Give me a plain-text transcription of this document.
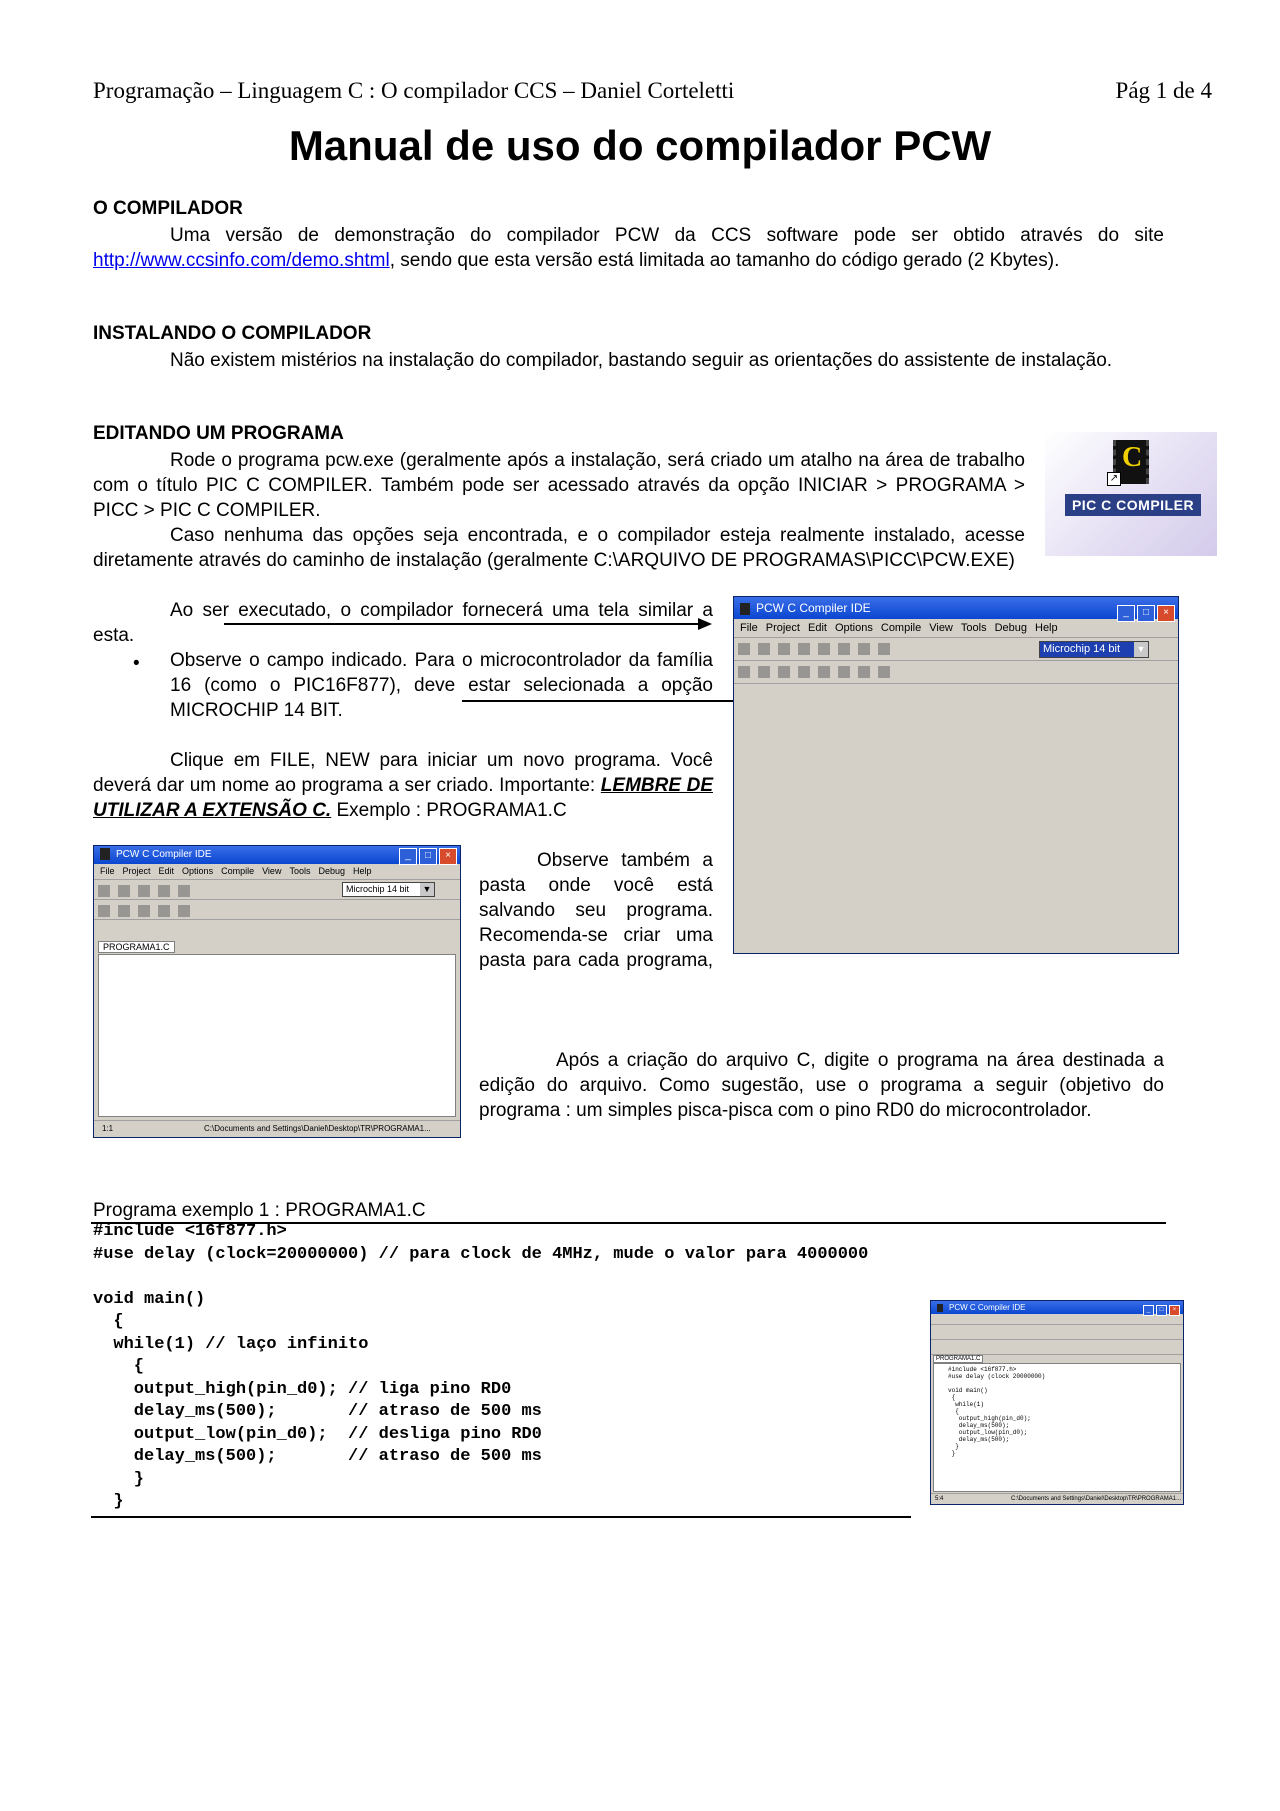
Programação – Linguagem C : O compilador CCS – Daniel Corteletti	Pág 1 de 4
Manual de uso do compilador PCW
O COMPILADOR

Uma versão de demonstração do compilador PCW da CCS software pode ser obtido através do site http://www.ccsinfo.com/demo.shtml, sendo que esta versão está limitada ao tamanho do código gerado (2 Kbytes).

INSTALANDO O COMPILADOR

Não existem mistérios na instalação do compilador, bastando seguir as orientações do assistente de instalação.

EDITANDO UM PROGRAMA

Rode o programa pcw.exe (geralmente após a instalação, será criado um atalho na área de trabalho com o título PIC C COMPILER. Também pode ser acessado através da opção INICIAR > PROGRAMA > PICC > PIC C COMPILER.

Caso nenhuma das opções seja encontrada, e o compilador esteja realmente instalado, acesse diretamente através do caminho de instalação (geralmente C:\ARQUIVO DE PROGRAMAS\PICC\PCW.EXE)

C
↗
PIC C COMPILER

Ao ser executado, o compilador fornecerá uma tela similar a esta.

• Observe o campo indicado. Para o microcontrolador da família 16 (como o PIC16F877), deve estar selecionada a opção MICROCHIP 14 BIT.

Clique em FILE, NEW para iniciar um novo programa. Você deverá dar um nome ao programa a ser criado. Importante: LEMBRE DE UTILIZAR A EXTENSÃO C. Exemplo : PROGRAMA1.C

PCW C Compiler IDE	_ □ ×
File Project Edit Options Compile View Tools Debug Help
Microchip 14 bit ▼
PCW C Compiler IDE	_ □ ×
File Project Edit Options Compile View Tools Debug Help
Microchip 14 bit ▼
PROGRAMA1.C
1:1	C:\Documents and Settings\Daniel\Desktop\TR\PROGRAMA1...

Observe também a pasta onde você está salvando seu programa. Recomenda-se criar uma pasta para cada programa,

Após a criação do arquivo C, digite o programa na área destinada a edição do arquivo. Como sugestão, use o programa a seguir (objetivo do programa : um simples pisca-pisca com o pino RD0 do microcontrolador.

Programa exemplo 1 : PROGRAMA1.C
#include <16f877.h>
#use delay (clock=20000000) // para clock de 4MHz, mude o valor para 4000000

void main()
{
while(1) // laço infinito
{
output_high(pin_d0); // liga pino RD0
delay_ms(500);       // atraso de 500 ms
output_low(pin_d0);  // desliga pino RD0
delay_ms(500);       // atraso de 500 ms
}
}
PCW C Compiler IDE	_ □ ×
PROGRAMA1.C
#include <16f877.h>
#use delay (clock 20000000)

void main()
{
while(1)
{
output_high(pin_d0);
delay_ms(500);
output_low(pin_d0);
delay_ms(500);
}
}
5:4	C:\Documents and Settings\Daniel\Desktop\TR\PROGRAMA1...
